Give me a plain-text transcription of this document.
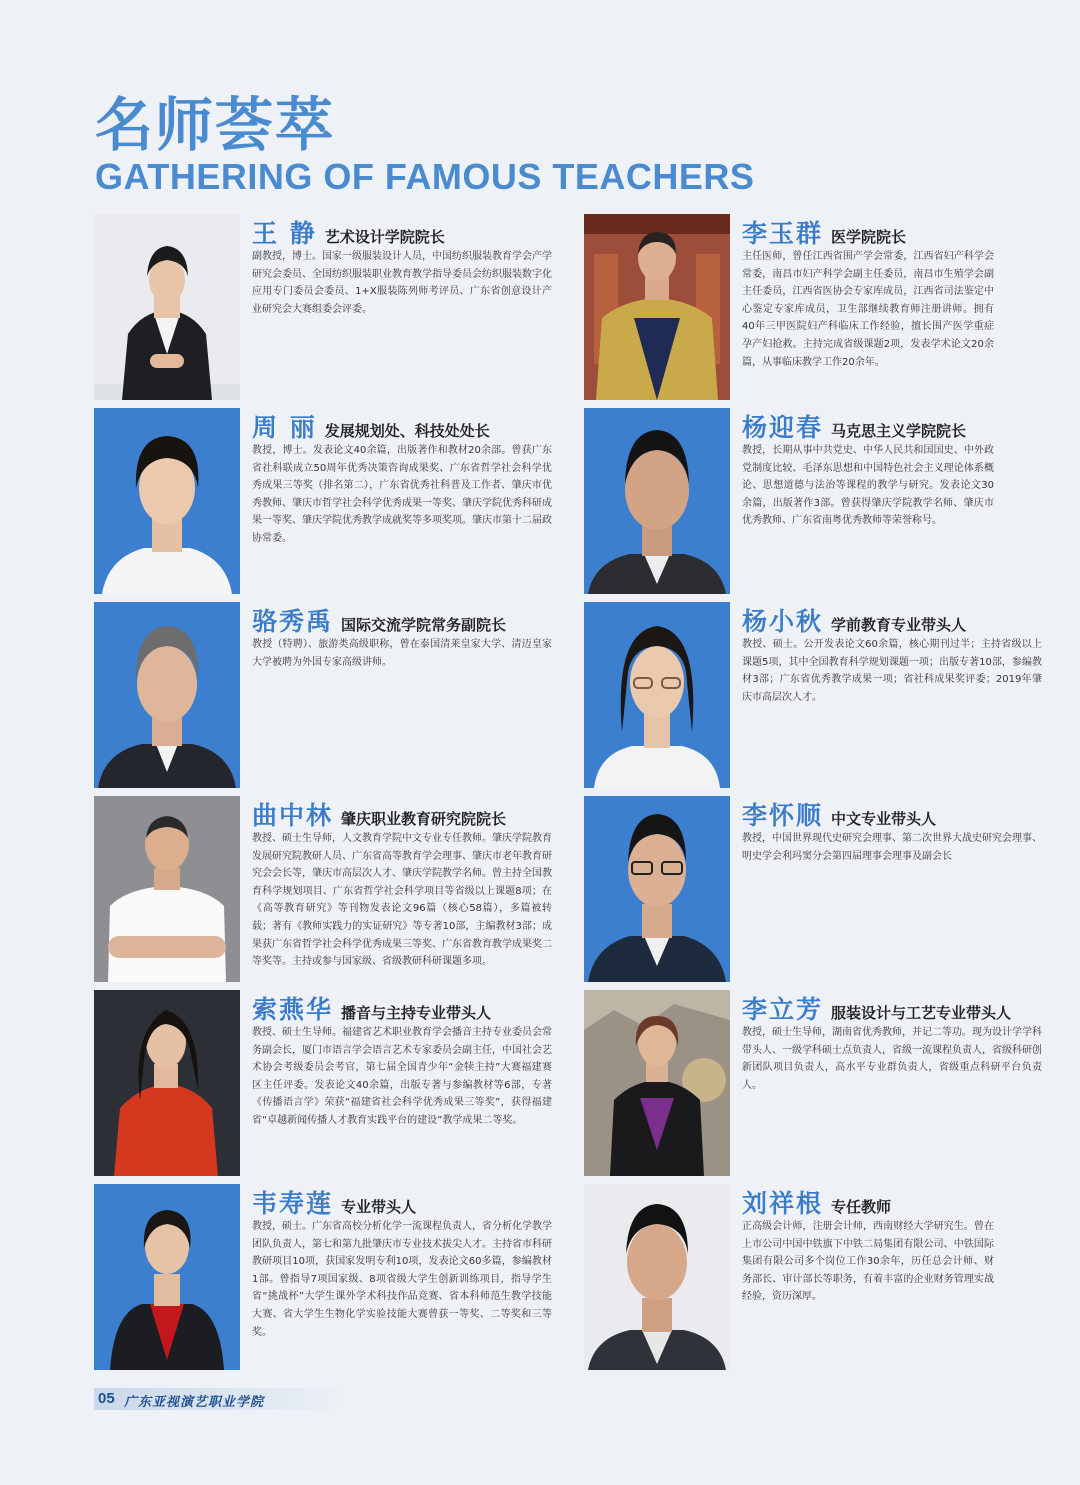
名师荟萃
GATHERING OF FAMOUS TEACHERS
王 静 艺术设计学院院长
副教授，博士。国家一级服装设计人员，中国纺织服装教育学会产学研究会委员、全国纺织服装职业教育教学指导委员会纺织服装数字化应用专门委员会委员、1+X服装陈列师考评员、广东省创意设计产业研究会大赛组委会评委。
周 丽 发展规划处、科技处处长
教授，博士。发表论文40余篇，出版著作和教材20余部。曾获广东省社科联成立50周年优秀决策咨询成果奖、广东省哲学社会科学优秀成果三等奖（排名第二），广东省优秀社科普及工作者、肇庆市优秀教师、肇庆市哲学社会科学优秀成果一等奖、肇庆学院优秀科研成果一等奖、肇庆学院优秀教学成就奖等多项奖项。肇庆市第十二届政协常委。
骆秀禹 国际交流学院常务副院长
教授（特聘）、旅游类高级职称，曾在泰国清莱皇家大学、清迈皇家大学被聘为外国专家高级讲师。
曲中林 肇庆职业教育研究院院长
教授、硕士生导师，人文教育学院中文专业专任教师。肇庆学院教育发展研究院教研人员、广东省高等教育学会理事、肇庆市老年教育研究会会长等，肇庆市高层次人才、肇庆学院教学名师。曾主持全国教育科学规划项目、广东省哲学社会科学项目等省级以上课题8项；在《高等教育研究》等刊物发表论文96篇（核心58篇），多篇被转载；著有《教师实践力的实证研究》等专著10部，主编教材3部；成果获广东省哲学社会科学优秀成果三等奖、广东省教育教学成果奖二等奖等。主持或参与国家级、省级教研科研课题多项。
索燕华 播音与主持专业带头人
教授、硕士生导师。福建省艺术职业教育学会播音主持专业委员会常务副会长，厦门市语言学会语言艺术专家委员会副主任，中国社会艺术协会考级委员会考官，第七届全国青少年“金犊主持”大赛福建赛区主任评委。发表论文40余篇，出版专著与参编教材等6部，专著《传播语言学》荣获“福建省社会科学优秀成果三等奖”，获得福建省“卓越新闻传播人才教育实践平台的建设”教学成果二等奖。
韦寿莲 专业带头人
教授，硕士。广东省高校分析化学一流课程负责人，省分析化学教学团队负责人，第七和第九批肇庆市专业技术拔尖人才。主持省市科研教研项目10项，获国家发明专利10项，发表论文60多篇，参编教材1部。曾指导7项国家级、8项省级大学生创新训练项目，指导学生省“挑战杯”大学生课外学术科技作品竞赛、省本科师范生教学技能大赛、省大学生生物化学实验技能大赛曾获一等奖、二等奖和三等奖。
李玉群 医学院院长
主任医师，曾任江西省围产学会常委，江西省妇产科学会常委，南昌市妇产科学会副主任委员，南昌市生殖学会副主任委员，江西省医协会专家库成员，江西省司法鉴定中心鉴定专家库成员，卫生部继续教育师注册讲师。拥有40年三甲医院妇产科临床工作经验，擅长围产医学重症孕产妇抢救。主持完成省级课题2项，发表学术论文20余篇，从事临床教学工作20余年。
杨迎春 马克思主义学院院长
教授，长期从事中共党史、中华人民共和国国史、中外政党制度比较、毛泽东思想和中国特色社会主义理论体系概论、思想道德与法治等课程的教学与研究。发表论文30余篇，出版著作3部。曾获得肇庆学院教学名师、肇庆市优秀教师、广东省南粤优秀教师等荣誉称号。
杨小秋 学前教育专业带头人
教授、硕士。公开发表论文60余篇，核心期刊过半；主持省级以上课题5项，其中全国教育科学规划课题一项；出版专著10部，参编教材3部；广东省优秀教学成果一项；省社科成果奖评委；2019年肇庆市高层次人才。
李怀顺 中文专业带头人
教授，中国世界现代史研究会理事、第二次世界大战史研究会理事、明史学会利玛窦分会第四届理事会理事及副会长
李立芳 服装设计与工艺专业带头人
教授，硕士生导师，湖南省优秀教师，并记二等功。现为设计学学科带头人、一级学科硕士点负责人，省级一流课程负责人，省级科研创新团队项目负责人，高水平专业群负责人，省级重点科研平台负责人。
刘祥根 专任教师
正高级会计师，注册会计师，西南财经大学研究生。曾在上市公司中国中铁旗下中铁二局集团有限公司、中铁国际集团有限公司多个岗位工作30余年，历任总会计师、财务部长、审计部长等职务，有着丰富的企业财务管理实战经验，资历深厚。
05 广东亚视演艺职业学院
